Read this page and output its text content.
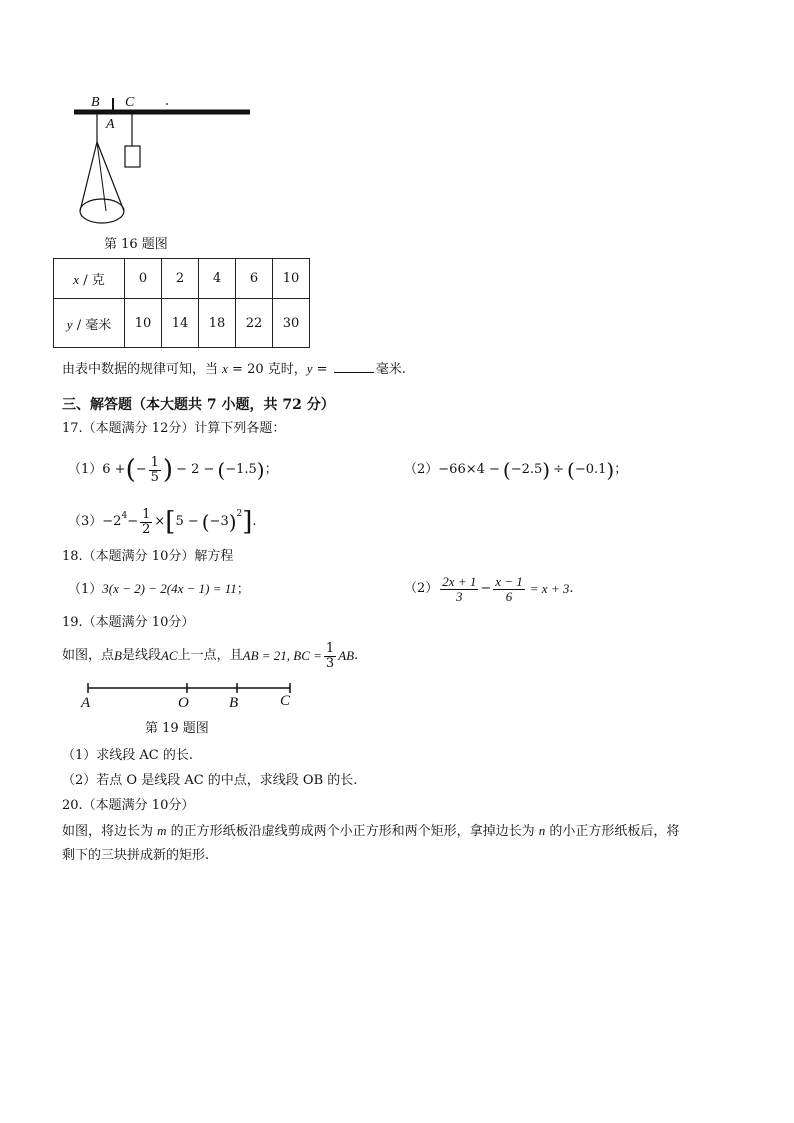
B C
A
第 16 题图
x / 克	0	2	4	6	10
y / 毫米	10	14	18	22	30
由表中数据的规律可知，当 x = 20 克时，y =	毫米.
三、解答题（本大题共 7 小题，共 72 分）
17.（本题满分 12分）计算下列各题：
（1） 6 + ( − $\frac{1}{5}$ ) − 2 − ( −1.5 ) ；	（2） −66×4 − ( −2.5 ) ÷ ( −0.1 ) ；
$(3) -2^4 - \frac{1}{2}$ × [ 5 − ( −3 )$^2$ ] .
18.（本题满分 10分）解方程
（1）3(x − 2) − 2(4x − 1) = 11；	$(2) \frac{2x + 1}{3} - \frac{x - 1}{6} = x + 3$ .
19.（本题满分 10分）
如图，点 B 是线段 AC 上一点，且 AB = 21, BC = $\frac{1}{3}$ AB .
A	O	B	C
第 19 题图
（1）求线段 AC 的长.
（2）若点 O 是线段 AC 的中点，求线段 OB 的长.
20.（本题满分 10分）
如图，将边长为 m 的正方形纸板沿虚线剪成两个小正方形和两个矩形，拿掉边长为 n 的小正方形纸板后，将
剩下的三块拼成新的矩形.
